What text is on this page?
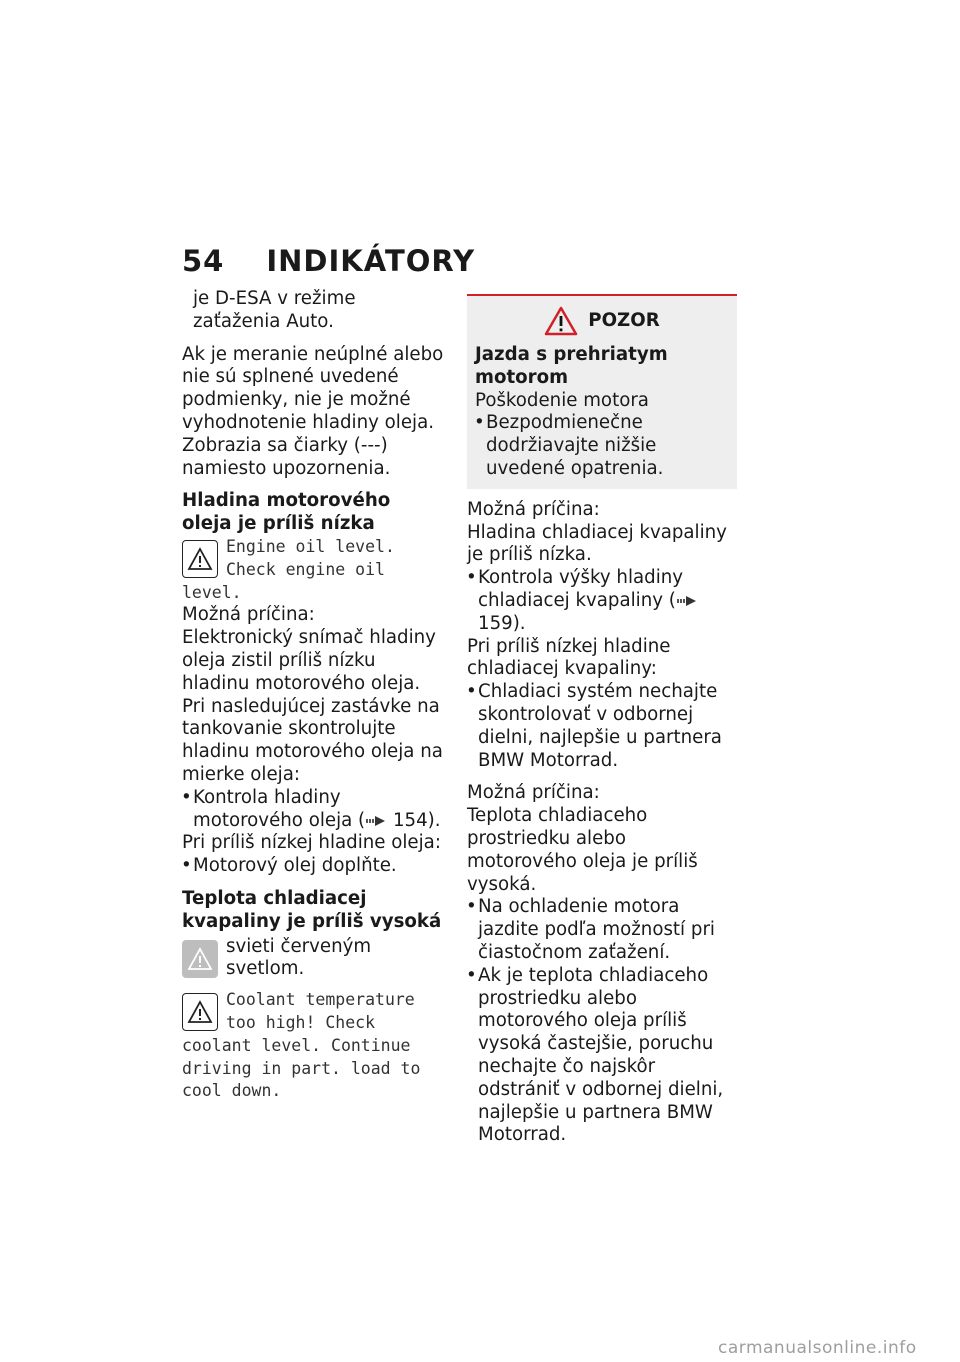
54 INDIKÁTORY

je D-ESA v režime zaťaženia Auto.

Ak je meranie neúplné alebo nie sú splnené uvedené podmienky, nie je možné vyhodnotenie hladiny oleja. Zobrazia sa čiarky (‑‑‑) namiesto upozornenia.

Hladina motorového oleja je príliš nízka

Engine oil level. Check engine oil level.

Možná príčina:

Elektronický snímač hladiny oleja zistil príliš nízku hladinu motorového oleja. Pri nasledujúcej zastávke na tankovanie skontrolujte hladinu motorového oleja na mierke oleja:

• Kontrola hladiny motorového oleja ( 154).

Pri príliš nízkej hladine oleja:

• Motorový olej doplňte.

Teplota chladiacej kvapaliny je príliš vysoká

svieti červeným svetlom.

Coolant temperature too high! Check coolant level. Continue driving in part. load to cool down.

POZOR

Jazda s prehriatym motorom

Poškodenie motora

• Bezpodmienečne dodržiavajte nižšie uvedené opatrenia.

Možná príčina:

Hladina chladiacej kvapaliny je príliš nízka.

• Kontrola výšky hladiny chladiacej kvapaliny ( 159).

Pri príliš nízkej hladine chladiacej kvapaliny:

• Chladiaci systém nechajte skontrolovať v odbornej dielni, najlepšie u partnera BMW Motorrad.

Možná príčina:

Teplota chladiaceho prostriedku alebo motorového oleja je príliš vysoká.

• Na ochladenie motora jazdite podľa možností pri čiastočnom zaťažení.

• Ak je teplota chladiaceho prostriedku alebo motorového oleja príliš vysoká častejšie, poruchu nechajte čo najskôr odstrániť v odbornej dielni, najlepšie u partnera BMW Motorrad.

carmanualsonline.info
